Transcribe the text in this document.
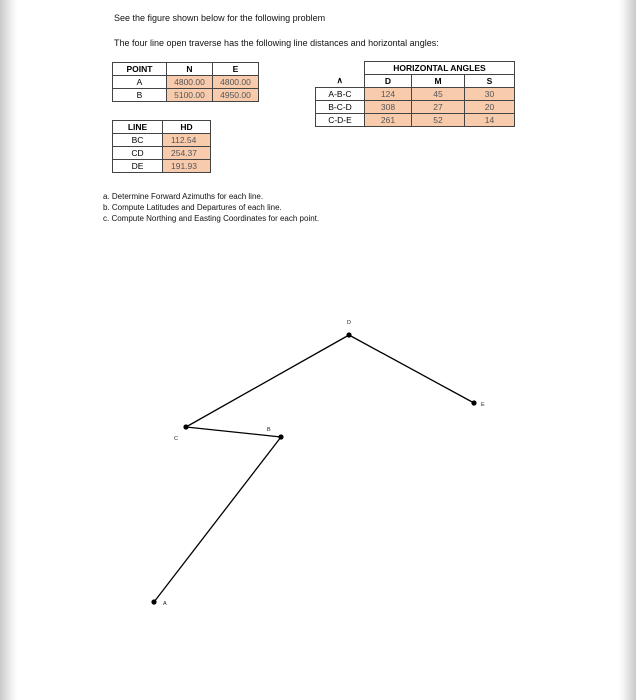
See the figure shown below for the following problem
The four line open traverse has the following line distances and horizontal angles:
POINT	N	E
A	4800.00	4800.00
B	5100.00	4950.00
LINE	HD
BC	112.54
CD	254.37
DE	191.93
	HORIZONTAL ANGLES		
∧	D	M	S
A-B-C	124	45	30
B-C-D	308	27	20
C-D-E	261	52	14
a. Determine Forward Azimuths for each line.
b. Compute Latitudes and Departures of each line.
c. Compute Northing and Easting Coordinates for each point.
A
B
C
D
E
